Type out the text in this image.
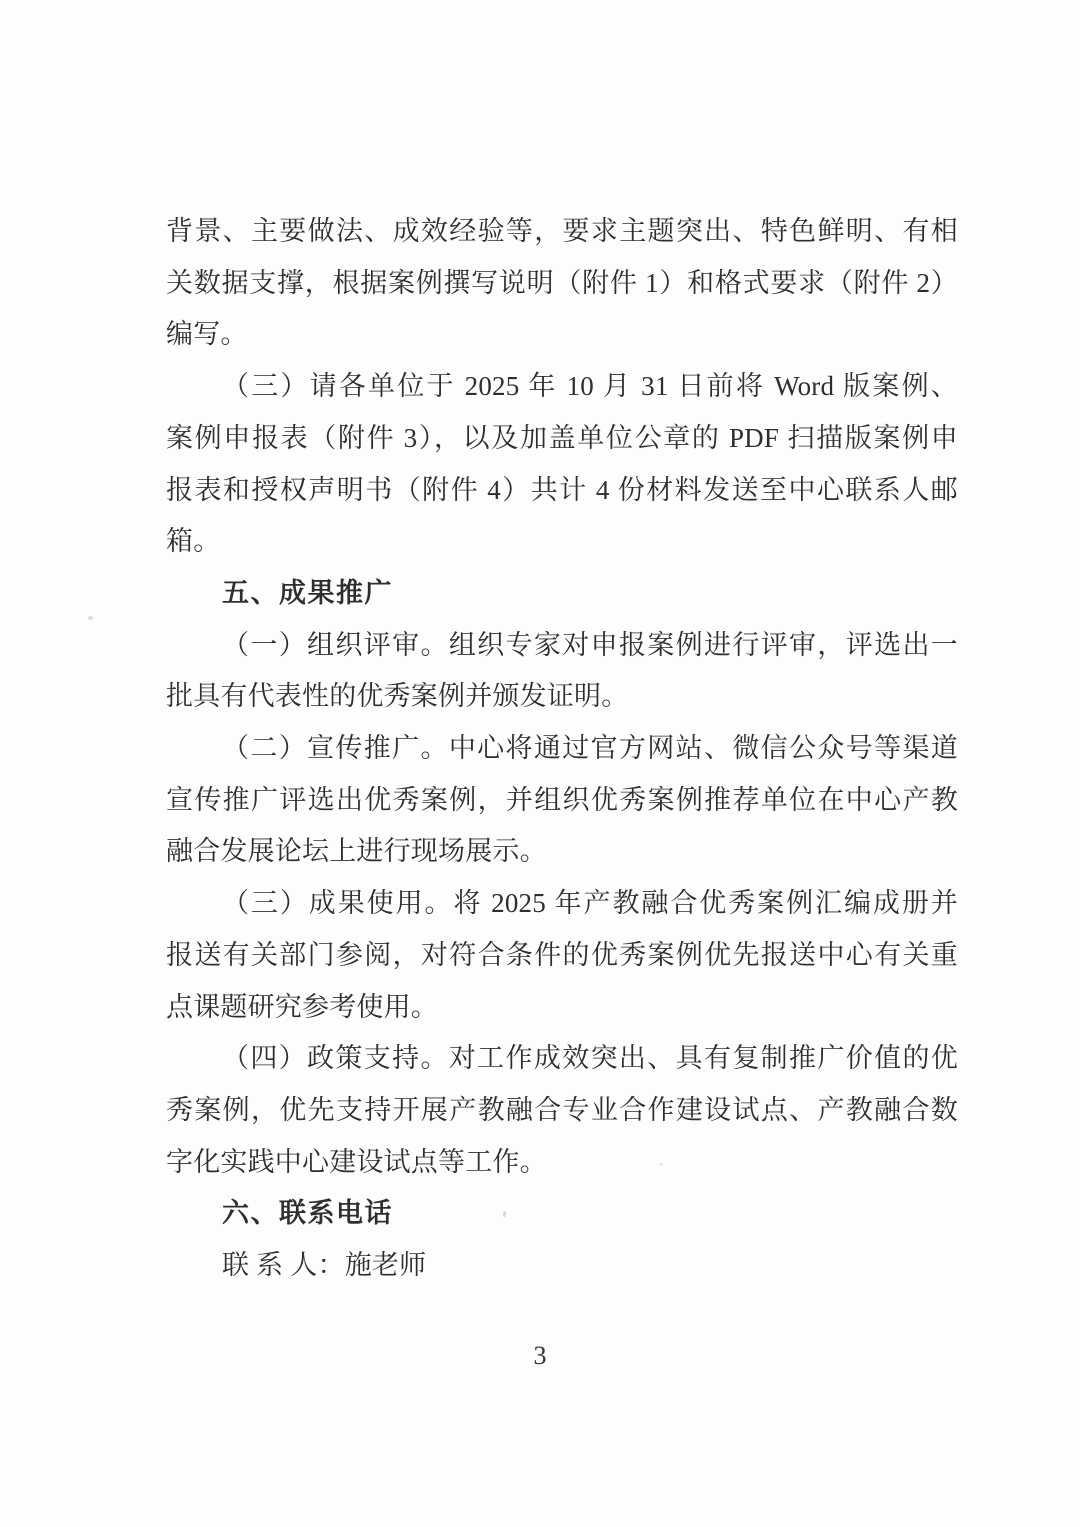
背景、主要做法、成效经验等，要求主题突出、特色鲜明、有相
关数据支撑，根据案例撰写说明（附件 1）和格式要求（附件 2）
编写。
（三）请各单位于 2025 年 10 月 31 日前将 Word 版案例、
案例申报表（附件 3），以及加盖单位公章的 PDF 扫描版案例申
报表和授权声明书（附件 4）共计 4 份材料发送至中心联系人邮
箱。
五、成果推广
（一）组织评审。组织专家对申报案例进行评审，评选出一
批具有代表性的优秀案例并颁发证明。
（二）宣传推广。中心将通过官方网站、微信公众号等渠道
宣传推广评选出优秀案例，并组织优秀案例推荐单位在中心产教
融合发展论坛上进行现场展示。
（三）成果使用。将 2025 年产教融合优秀案例汇编成册并
报送有关部门参阅，对符合条件的优秀案例优先报送中心有关重
点课题研究参考使用。
（四）政策支持。对工作成效突出、具有复制推广价值的优
秀案例，优先支持开展产教融合专业合作建设试点、产教融合数
字化实践中心建设试点等工作。
六、联系电话
联 系 人：施老师
3
